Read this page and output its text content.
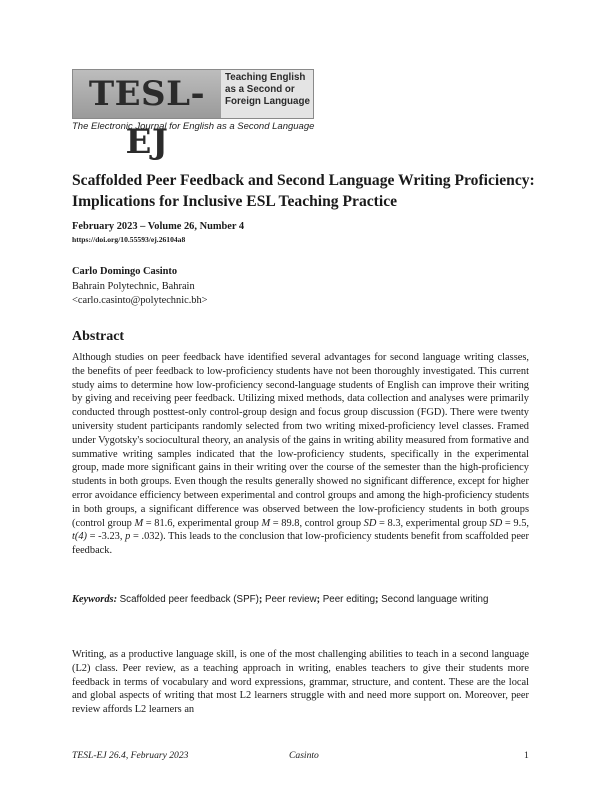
TESL-EJ
Teaching English
as a Second or
Foreign Language
The Electronic Journal for English as a Second Language
Scaffolded Peer Feedback and Second Language Writing Proficiency: Implications for Inclusive ESL Teaching Practice
February 2023 – Volume 26, Number 4
https://doi.org/10.55593/ej.26104a8
Carlo Domingo Casinto
Bahrain Polytechnic, Bahrain
<carlo.casinto@polytechnic.bh>
Abstract

Although studies on peer feedback have identified several advantages for second language writing classes, the benefits of peer feedback to low-proficiency students have not been thoroughly investigated. This current study aims to determine how low-proficiency second-language students of English can improve their writing by giving and receiving peer feedback. Utilizing mixed methods, data collection and analyses were primarily conducted through posttest-only control-group design and focus group discussion (FGD). There were twenty university student participants randomly selected from two writing mixed-proficiency level classes. Framed under Vygotsky's sociocultural theory, an analysis of the gains in writing ability measured from formative and summative writing samples indicated that the low-proficiency students, specifically in the experimental group, made more significant gains in their writing over the course of the semester than the high-proficiency students in both groups. Even though the results generally showed no significant difference, except for higher error avoidance efficiency between experimental and control groups and among the high-proficiency students in both groups, a significant difference was observed between the low-proficiency students in both groups (control group M = 81.6, experimental group M = 89.8, control group SD = 8.3, experimental group SD = 9.5, t(4) = -3.23, p = .032). This leads to the conclusion that low-proficiency students benefit from scaffolded peer feedback.

Keywords: Scaffolded peer feedback (SPF); Peer review; Peer editing; Second language writing

Writing, as a productive language skill, is one of the most challenging abilities to teach in a second language (L2) class. Peer review, as a teaching approach in writing, enables teachers to give their students more feedback in terms of vocabulary and word expressions, grammar, structure, and content. These are the local and global aspects of writing that most L2 learners struggle with and need more support on. Moreover, peer review affords L2 learners an

TESL-EJ 26.4, February 2023	Casinto	1
